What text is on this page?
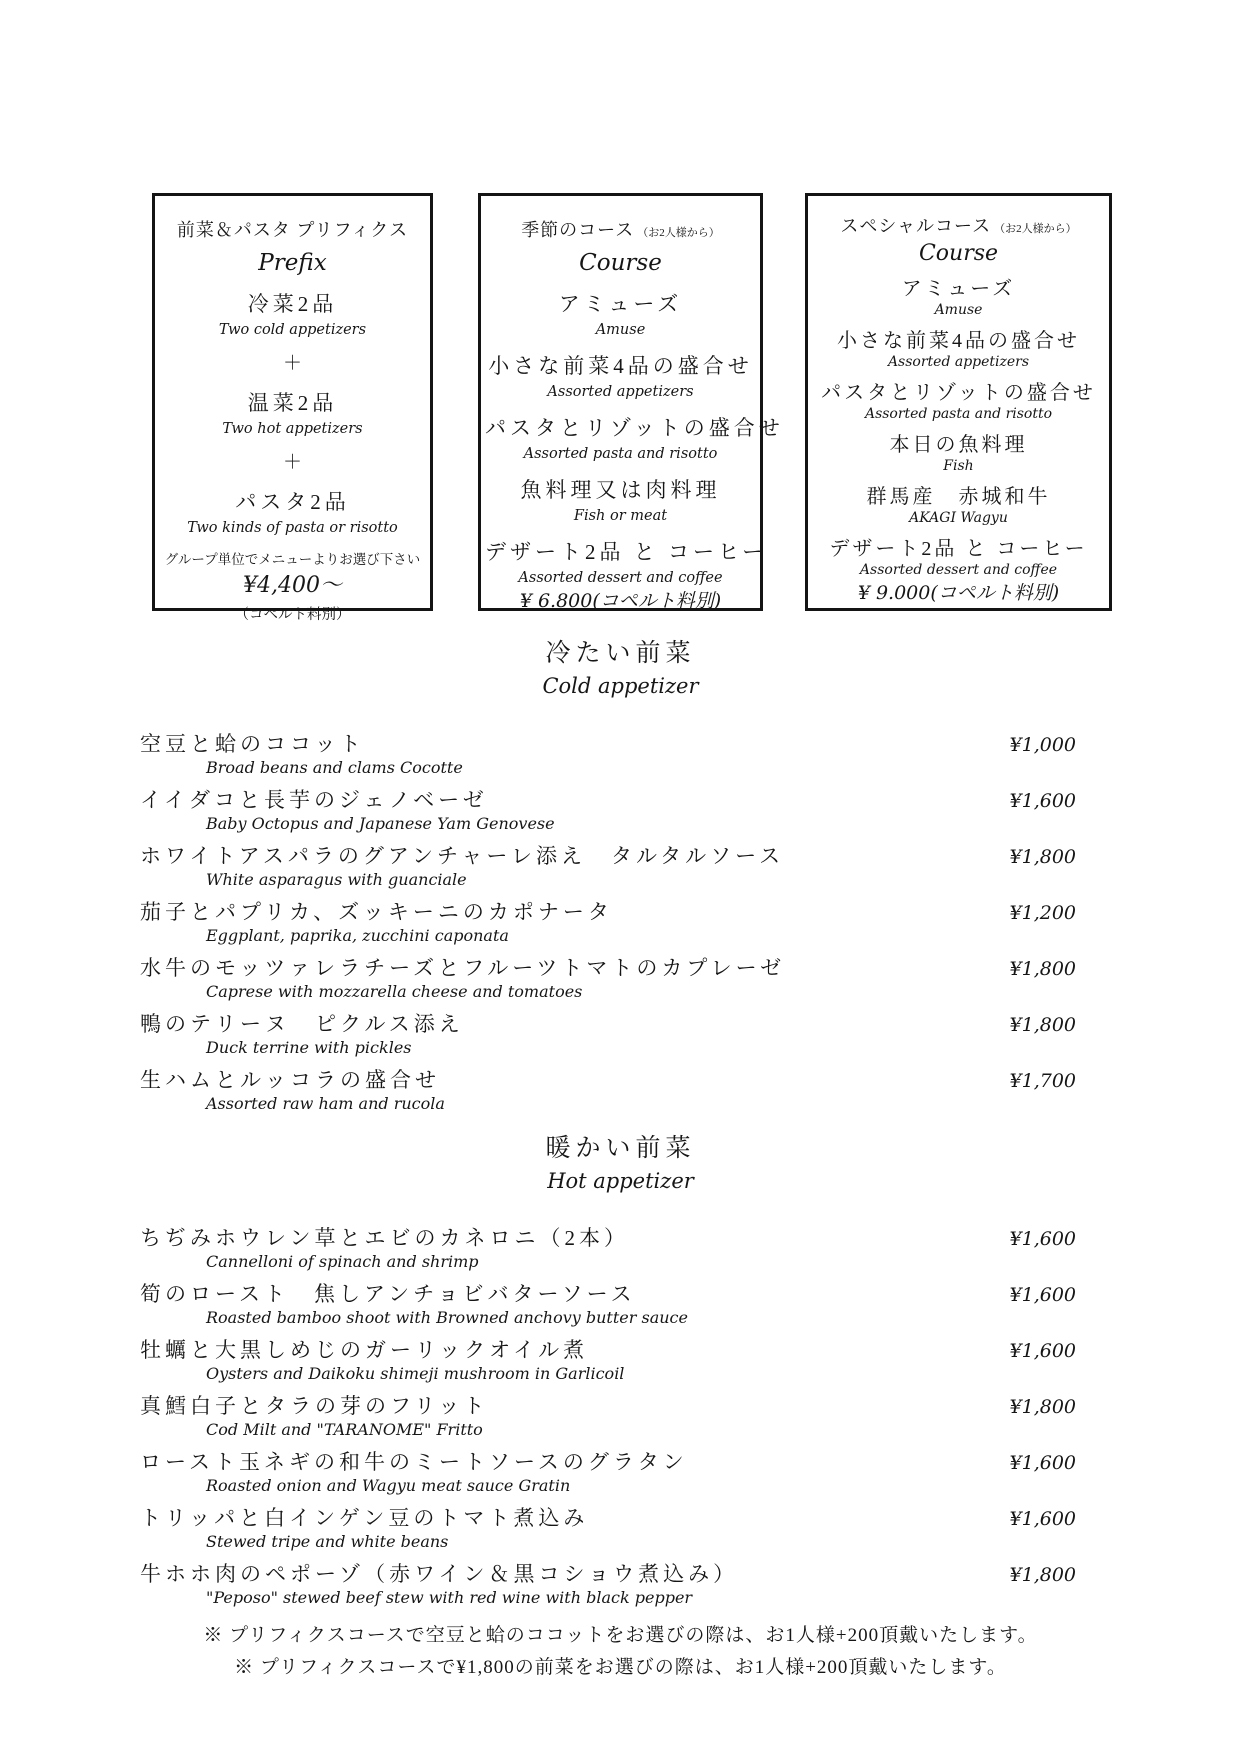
前菜＆パスタ プリフィクス
Prefix
冷菜2品
Two cold appetizers
＋
温菜2品
Two hot appetizers
＋
パスタ2品
Two kinds of pasta or risotto
グループ単位でメニューよりお選び下さい
¥4,400～
（コペルト料別）
季節のコース （お2人様から）
Course
アミューズ
Amuse
小さな前菜4品の盛合せ
Assorted appetizers
パスタとリゾットの盛合せ
Assorted pasta and risotto
魚料理又は肉料理
Fish or meat
デザート2品 と コーヒー
Assorted dessert and coffee
¥ 6.800(コペルト料別)
スペシャルコース （お2人様から）
Course
アミューズ
Amuse
小さな前菜4品の盛合せ
Assorted appetizers
パスタとリゾットの盛合せ
Assorted pasta and risotto
本日の魚料理
Fish
群馬産　赤城和牛
AKAGI Wagyu
デザート2品 と コーヒー
Assorted dessert and coffee
¥ 9.000(コペルト料別)
冷たい前菜
Cold appetizer
空豆と蛤のココット	¥1,000
Broad beans and clams Cocotte
イイダコと長芋のジェノベーゼ	¥1,600
Baby Octopus and Japanese Yam Genovese
ホワイトアスパラのグアンチャーレ添え　タルタルソース	¥1,800
White asparagus with guanciale
茄子とパプリカ、ズッキーニのカポナータ	¥1,200
Eggplant, paprika, zucchini caponata
水牛のモッツァレラチーズとフルーツトマトのカプレーゼ	¥1,800
Caprese with mozzarella cheese and tomatoes
鴨のテリーヌ　ピクルス添え	¥1,800
Duck terrine with pickles
生ハムとルッコラの盛合せ	¥1,700
Assorted raw ham and rucola
暖かい前菜
Hot appetizer
ちぢみホウレン草とエビのカネロニ（2本）	¥1,600
Cannelloni of spinach and shrimp
筍のロースト　焦しアンチョビバターソース	¥1,600
Roasted bamboo shoot with Browned anchovy butter sauce
牡蠣と大黒しめじのガーリックオイル煮	¥1,600
Oysters and Daikoku shimeji mushroom in Garlicoil
真鱈白子とタラの芽のフリット	¥1,800
Cod Milt and "TARANOME" Fritto
ロースト玉ネギの和牛のミートソースのグラタン	¥1,600
Roasted onion and Wagyu meat sauce Gratin
トリッパと白インゲン豆のトマト煮込み	¥1,600
Stewed tripe and white beans
牛ホホ肉のペポーゾ（赤ワイン＆黒コショウ煮込み）	¥1,800
"Peposo" stewed beef stew with red wine with black pepper
※ プリフィクスコースで空豆と蛤のココットをお選びの際は、お1人様+200頂戴いたします。
※ プリフィクスコースで¥1,800の前菜をお選びの際は、お1人様+200頂戴いたします。
